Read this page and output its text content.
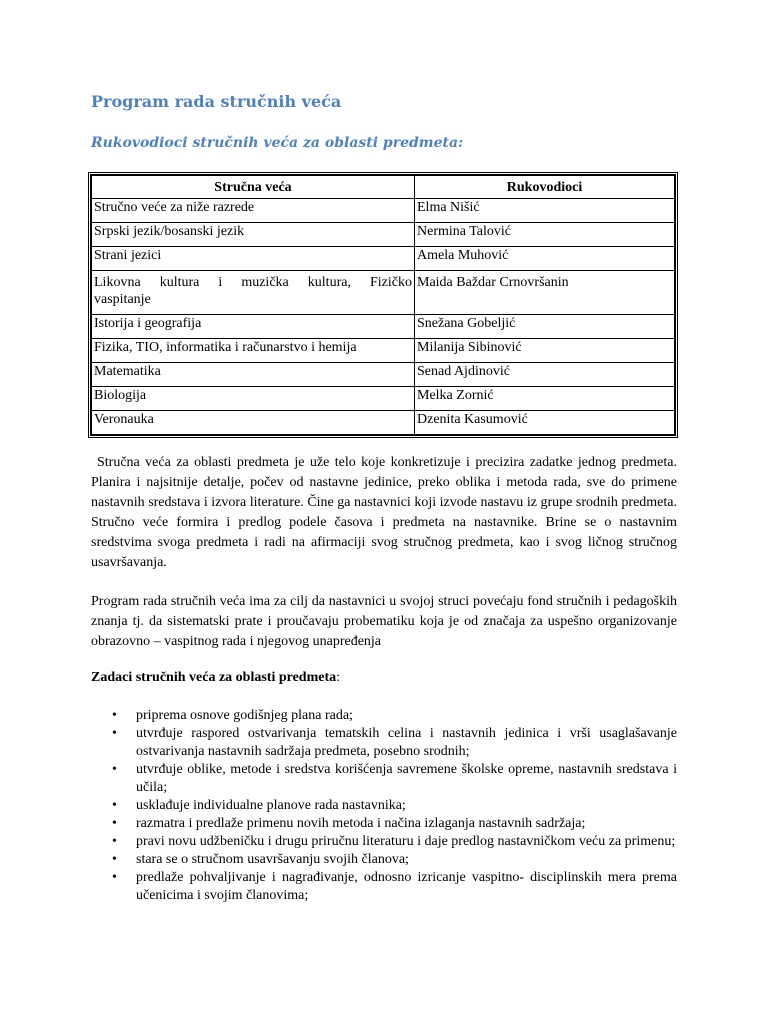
Program rada stručnih veća
Rukovodioci stručnih veća za oblasti predmeta:
Stručna veća	Rukovodioci
Stručno veće za niže razrede	Elma Nišić
Srpski jezik/bosanski jezik	Nermina Talović
Strani jezici	Amela Muhović

Likovna kultura i muzička kultura, Fizičko
vaspitanje	Maida Baždar Crnovršanin
Istorija i geografija	Snežana Gobeljić
Fizika, TIO, informatika i računarstvo i hemija	Milanija Sibinović
Matematika	Senad Ajdinović
Biologija	Melka Zornić
Veronauka	Dzenita Kasumović
Stručna veća za oblasti predmeta je uže telo koje konkretizuje i precizira zadatke jednog predmeta. Planira i najsitnije detalje, počev od nastavne jedinice, preko oblika i metoda rada, sve do primene nastavnih sredstava i izvora literature. Čine ga nastavnici koji izvode nastavu iz grupe srodnih predmeta. Stručno veće formira i predlog podele časova i predmeta na nastavnike. Brine se o nastavnim sredstvima svoga predmeta i radi na afirmaciji svog stručnog predmeta, kao i svog ličnog stručnog usavršavanja.
Program rada stručnih veća ima za cilj da nastavnici u svojoj struci povećaju fond stručnih i pedagoških znanja tj. da sistematski prate i proučavaju probematiku koja je od značaja za uspešno organizovanje obrazovno – vaspitnog rada i njegovog unapređenja
Zadaci stručnih veća za oblasti predmeta:
• priprema osnove godišnjeg plana rada;
• utvrđuje raspored ostvarivanja tematskih celina i nastavnih jedinica i vrši usaglašavanje ostvarivanja nastavnih sadržaja predmeta, posebno srodnih;
• utvrđuje oblike, metode i sredstva korišćenja savremene školske opreme, nastavnih sredstava i učila;
• usklađuje individualne planove rada nastavnika;
• razmatra i predlaže primenu novih metoda i načina izlaganja nastavnih sadržaja;
• pravi novu udžbeničku i drugu priručnu literaturu i daje predlog nastavničkom veću za primenu;
• stara se o stručnom usavršavanju svojih članova;
• predlaže pohvaljivanje i nagrađivanje, odnosno izricanje vaspitno- disciplinskih mera prema učenicima i svojim članovima;
